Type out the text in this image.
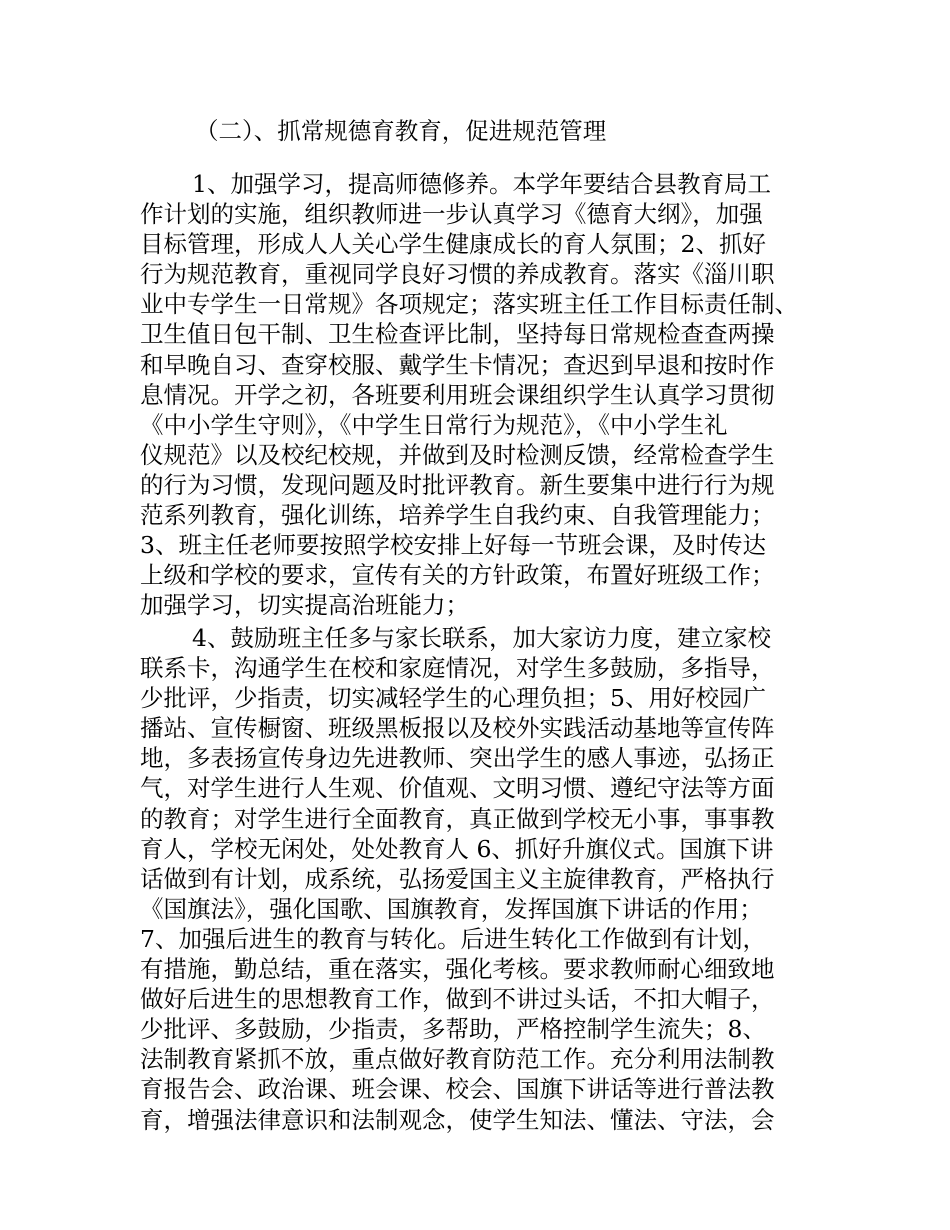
（二）、抓常规德育教育，促进规范管理
1、加强学习，提高师德修养。本学年要结合县教育局工
作计划的实施，组织教师进一步认真学习《德育大纲》，加强
目标管理，形成人人关心学生健康成长的育人氛围；2、抓好
行为规范教育，重视同学良好习惯的养成教育。落实《淄川职
业中专学生一日常规》各项规定；落实班主任工作目标责任制、
卫生值日包干制、卫生检查评比制，坚持每日常规检查查两操
和早晚自习、查穿校服、戴学生卡情况；查迟到早退和按时作
息情况。开学之初，各班要利用班会课组织学生认真学习贯彻
《中小学生守则》，《中学生日常行为规范》，《中小学生礼
仪规范》以及校纪校规，并做到及时检测反馈，经常检查学生
的行为习惯，发现问题及时批评教育。新生要集中进行行为规
范系列教育，强化训练，培养学生自我约束、自我管理能力；
3、班主任老师要按照学校安排上好每一节班会课，及时传达
上级和学校的要求，宣传有关的方针政策，布置好班级工作；
加强学习，切实提高治班能力；
4、鼓励班主任多与家长联系，加大家访力度，建立家校
联系卡，沟通学生在校和家庭情况，对学生多鼓励，多指导，
少批评，少指责，切实减轻学生的心理负担；5、用好校园广
播站、宣传橱窗、班级黑板报以及校外实践活动基地等宣传阵
地，多表扬宣传身边先进教师、突出学生的感人事迹，弘扬正
气，对学生进行人生观、价值观、文明习惯、遵纪守法等方面
的教育；对学生进行全面教育，真正做到学校无小事，事事教
育人，学校无闲处，处处教育人 6、抓好升旗仪式。国旗下讲
话做到有计划，成系统，弘扬爱国主义主旋律教育，严格执行
《国旗法》，强化国歌、国旗教育，发挥国旗下讲话的作用；
7、加强后进生的教育与转化。后进生转化工作做到有计划，
有措施，勤总结，重在落实，强化考核。要求教师耐心细致地
做好后进生的思想教育工作，做到不讲过头话，不扣大帽子，
少批评、多鼓励，少指责，多帮助，严格控制学生流失；8、
法制教育紧抓不放，重点做好教育防范工作。充分利用法制教
育报告会、政治课、班会课、校会、国旗下讲话等进行普法教
育，增强法律意识和法制观念，使学生知法、懂法、守法，会
